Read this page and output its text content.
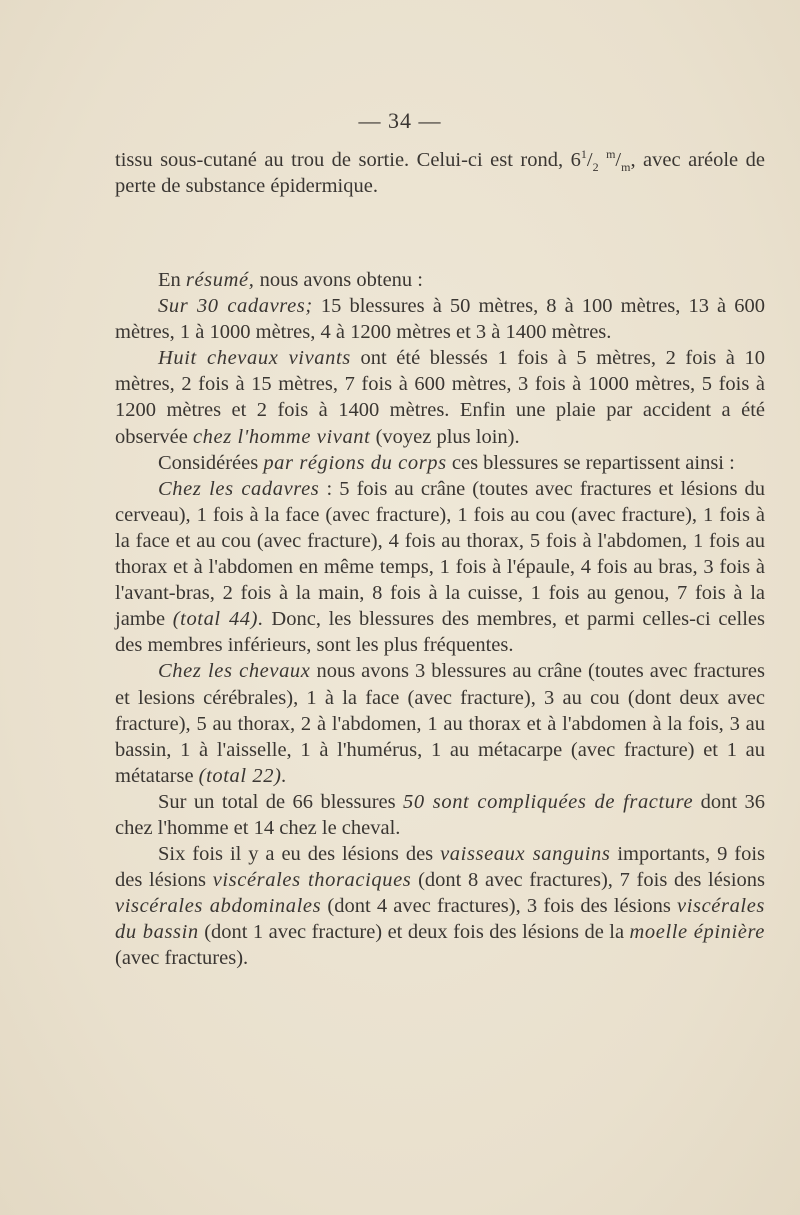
— 34 —

tissu sous-cutané au trou de sortie. Celui-ci est rond, $6^1/_2$ $^m/_m$, avec aréole de perte de substance épidermique.

En résumé, nous avons obtenu :

Sur 30 cadavres; 15 blessures à 50 mètres, 8 à 100 mètres, 13 à 600 mètres, 1 à 1000 mètres, 4 à 1200 mètres et 3 à 1400 mètres.

Huit chevaux vivants ont été blessés 1 fois à 5 mètres, 2 fois à 10 mètres, 2 fois à 15 mètres, 7 fois à 600 mètres, 3 fois à 1000 mètres, 5 fois à 1200 mètres et 2 fois à 1400 mètres. Enfin une plaie par accident a été observée chez l'homme vivant (voyez plus loin).

Considérées par régions du corps ces blessures se repartissent ainsi :

Chez les cadavres : 5 fois au crâne (toutes avec fractures et lésions du cerveau), 1 fois à la face (avec fracture), 1 fois au cou (avec fracture), 1 fois à la face et au cou (avec fracture), 4 fois au thorax, 5 fois à l'abdomen, 1 fois au thorax et à l'abdomen en même temps, 1 fois à l'épaule, 4 fois au bras, 3 fois à l'avant-bras, 2 fois à la main, 8 fois à la cuisse, 1 fois au genou, 7 fois à la jambe (total 44). Donc, les blessures des membres, et parmi celles-ci celles des membres inférieurs, sont les plus fréquentes.

Chez les chevaux nous avons 3 blessures au crâne (toutes avec fractures et lesions cérébrales), 1 à la face (avec fracture), 3 au cou (dont deux avec fracture), 5 au thorax, 2 à l'abdomen, 1 au thorax et à l'abdomen à la fois, 3 au bassin, 1 à l'aisselle, 1 à l'humérus, 1 au métacarpe (avec fracture) et 1 au métatarse (total 22).

Sur un total de 66 blessures 50 sont compliquées de fracture dont 36 chez l'homme et 14 chez le cheval.

Six fois il y a eu des lésions des vaisseaux sanguins importants, 9 fois des lésions viscérales thoraciques (dont 8 avec fractures), 7 fois des lésions viscérales abdominales (dont 4 avec fractures), 3 fois des lésions viscérales du bassin (dont 1 avec fracture) et deux fois des lésions de la moelle épinière (avec fractures).
